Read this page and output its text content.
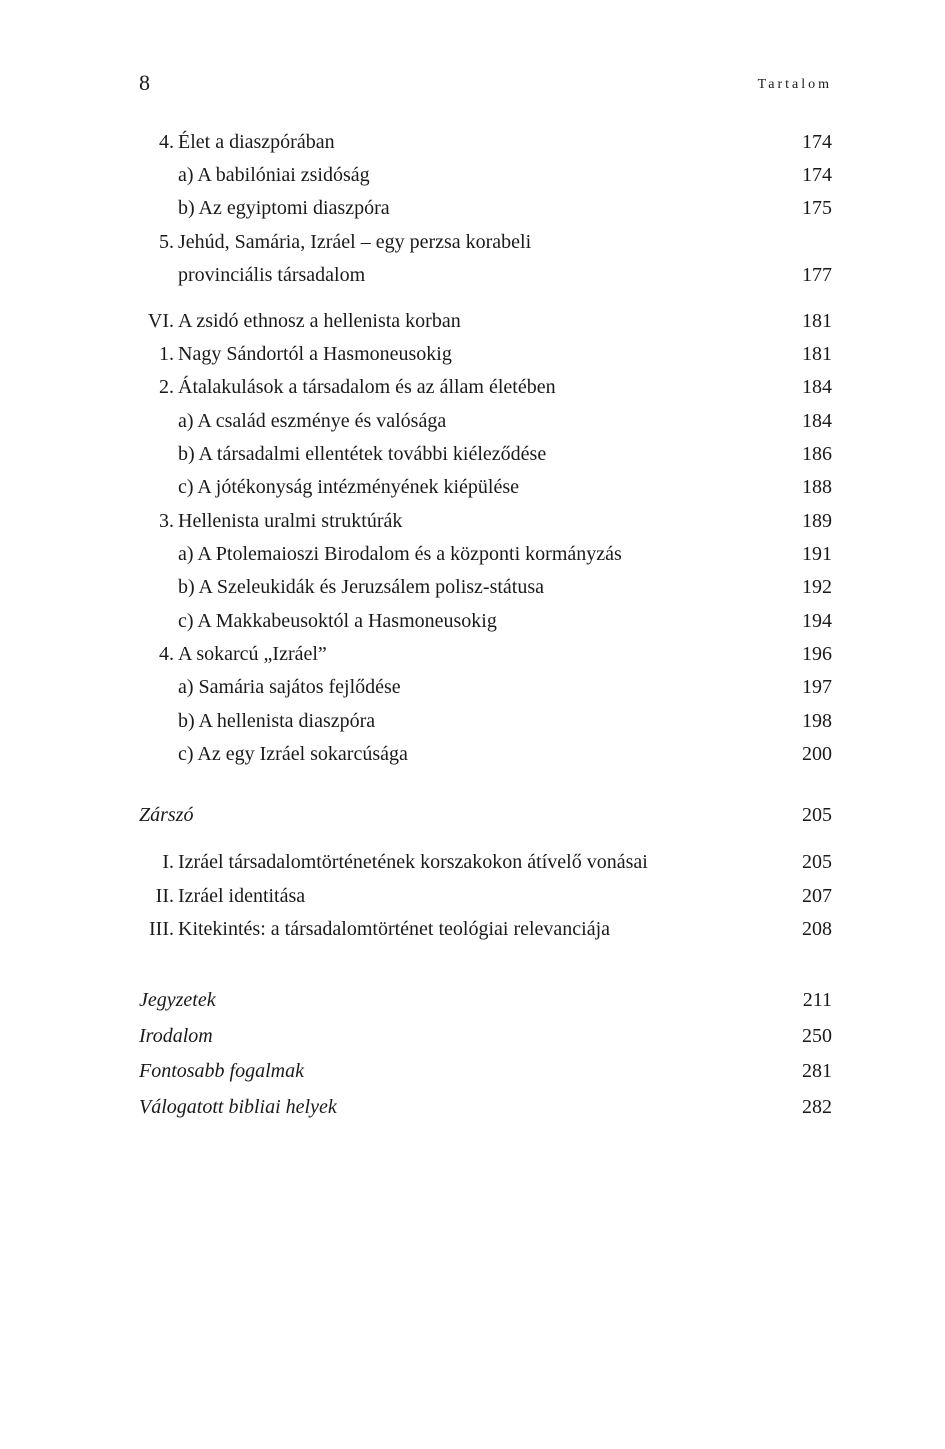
8	Tartalom
4. Élet a diaszpórában	174
a) A babilóniai zsidóság	174
b) Az egyiptomi diaszpóra	175
5. Jehúd, Samária, Izráel – egy perzsa korabeli
provinciális társadalom	177
VI. A zsidó ethnosz a hellenista korban	181
1. Nagy Sándortól a Hasmoneusokig	181
2. Átalakulások a társadalom és az állam életében	184
a) A család eszménye és valósága	184
b) A társadalmi ellentétek további kiéleződése	186
c) A jótékonyság intézményének kiépülése	188
3. Hellenista uralmi struktúrák	189
a) A Ptolemaioszi Birodalom és a központi kormányzás	191
b) A Szeleukidák és Jeruzsálem polisz-státusa	192
c) A Makkabeusoktól a Hasmoneusokig	194
4. A sokarcú „Izráel”	196
a) Samária sajátos fejlődése	197
b) A hellenista diaszpóra	198
c) Az egy Izráel sokarcúsága	200
Zárszó	205
I. Izráel társadalomtörténetének korszakokon átívelő vonásai	205
II. Izráel identitása	207
III. Kitekintés: a társadalomtörténet teológiai relevanciája	208
Jegyzetek	211
Irodalom	250
Fontosabb fogalmak	281
Válogatott bibliai helyek	282
